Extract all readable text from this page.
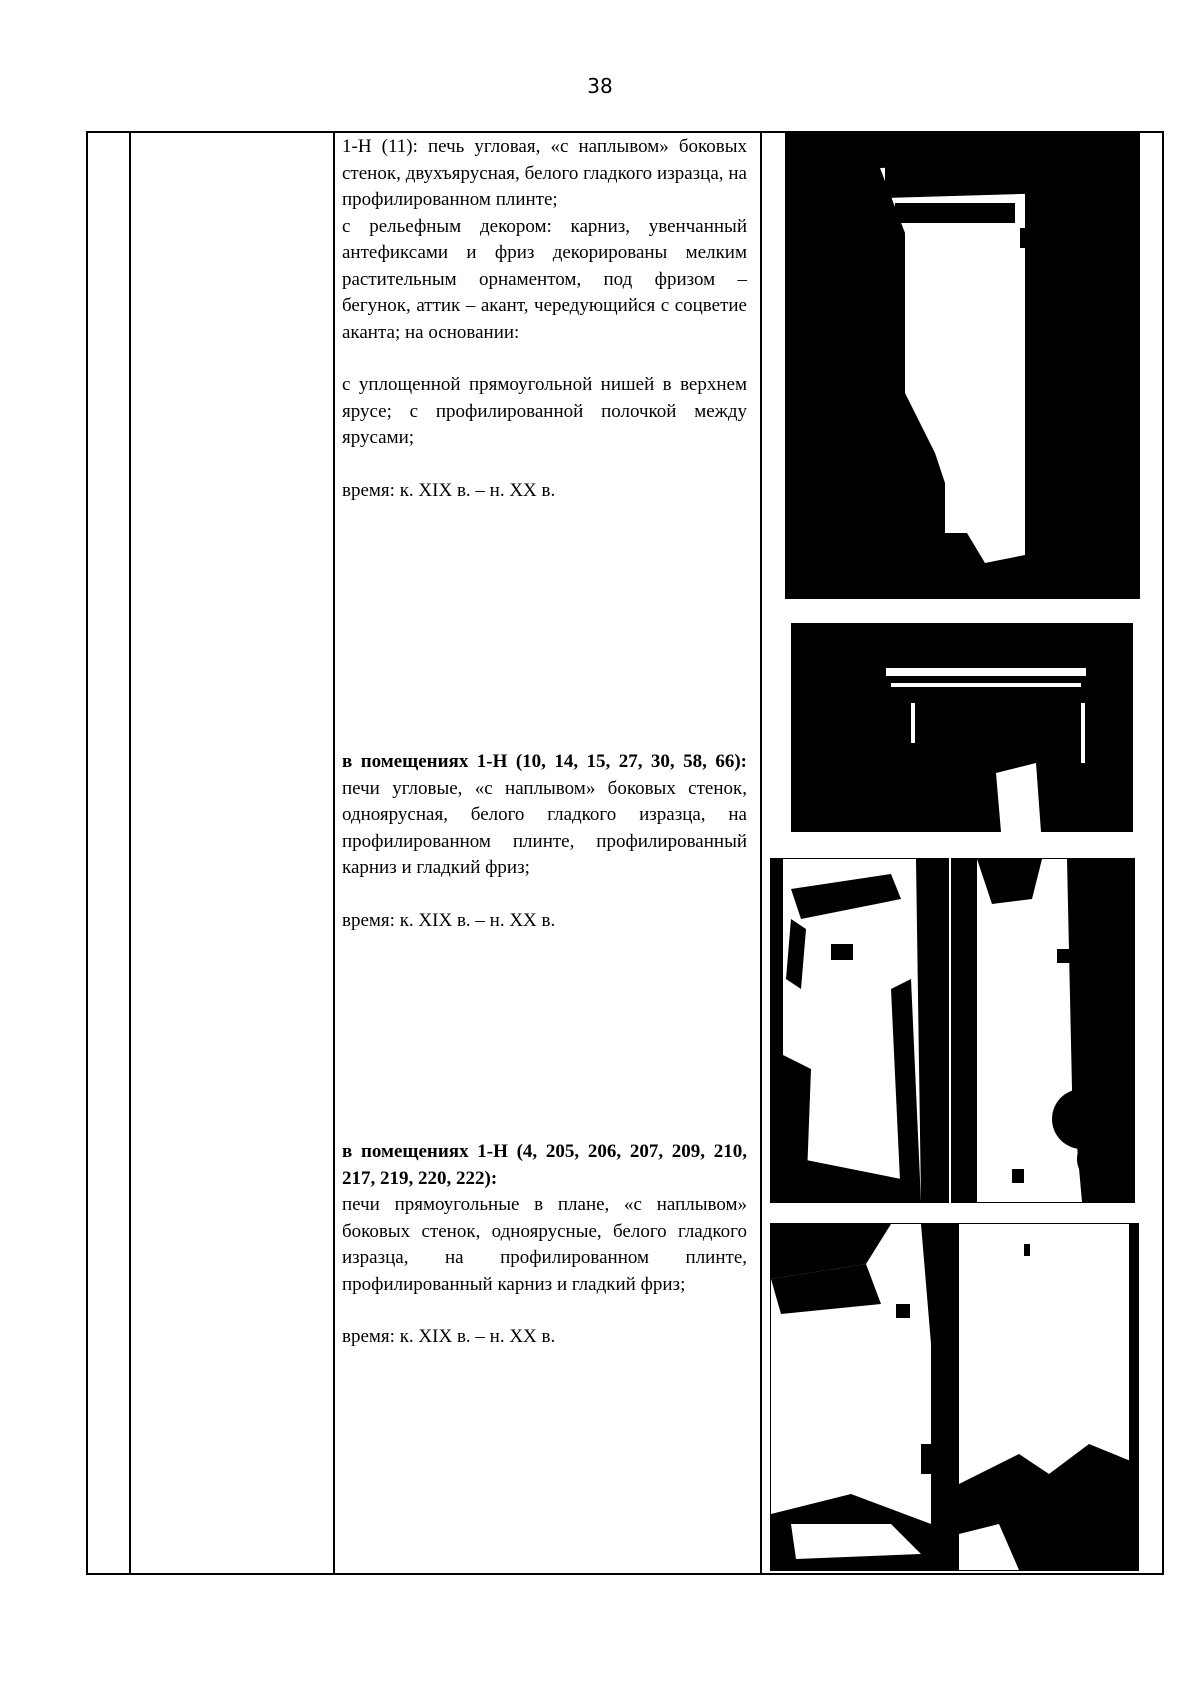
38

1-Н (11): печь угловая, «с наплывом» боковых стенок, двухъярусная, белого гладкого изразца, на профилированном плинте;

с рельефным декором: карниз, увенчанный антефиксами и фриз декорированы мелким растительным орнаментом, под фризом – бегунок, аттик – акант, чередующийся с соцветие аканта; на основании:

с уплощенной прямоугольной нишей в верхнем ярусе; с профилированной полочкой между ярусами;

время: к. XIX в. – н. XX в.

в помещениях 1-Н (10, 14, 15, 27, 30, 58, 66): печи угловые, «с наплывом» боковых стенок, одноярусная, белого гладкого изразца, на профилированном плинте, профилированный карниз и гладкий фриз;

время: к. XIX в. – н. XX в.

в помещениях 1-Н (4, 205, 206, 207, 209, 210, 217, 219, 220, 222):

печи прямоугольные в плане, «с наплывом» боковых стенок, одноярусные, белого гладкого изразца, на профилированном плинте, профилированный карниз и гладкий фриз;

время: к. XIX в. – н. XX в.
